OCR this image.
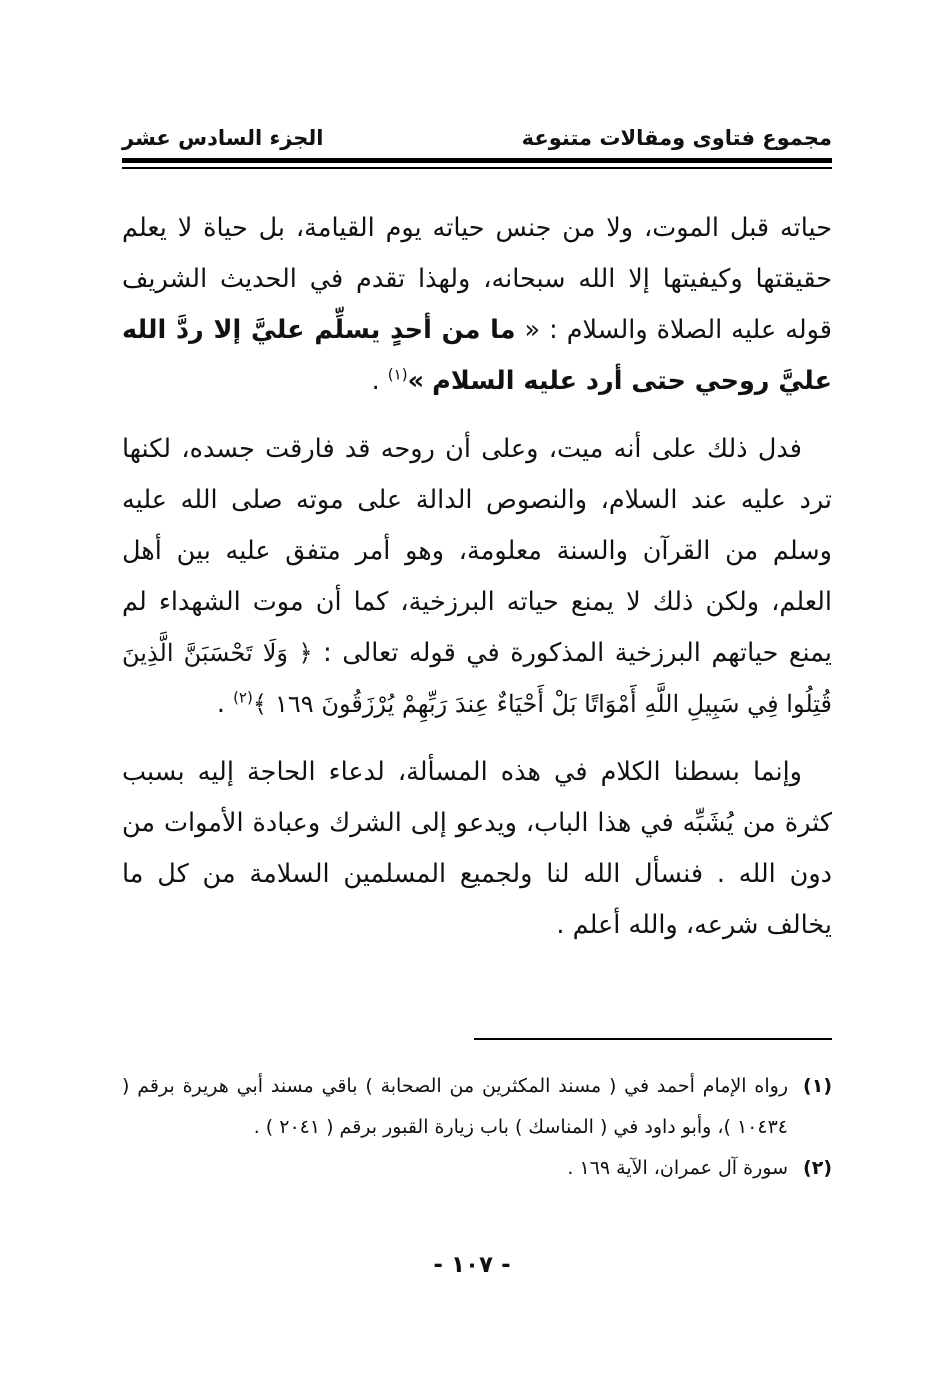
مجموع فتاوى ومقالات متنوعة
الجزء السادس عشر

حياته قبل الموت، ولا من جنس حياته يوم القيامة، بل حياة لا يعلم حقيقتها وكيفيتها إلا الله سبحانه، ولهذا تقدم في الحديث الشريف قوله عليه الصلاة والسلام : « ما من أحدٍ يسلِّم عليَّ إلا ردَّ الله عليَّ روحي حتى أرد عليه السلام »$^{(١)}$ .

فدل ذلك على أنه ميت، وعلى أن روحه قد فارقت جسده، لكنها ترد عليه عند السلام، والنصوص الدالة على موته صلى الله عليه وسلم من القرآن والسنة معلومة، وهو أمر متفق عليه بين أهل العلم، ولكن ذلك لا يمنع حياته البرزخية، كما أن موت الشهداء لم يمنع حياتهم البرزخية المذكورة في قوله تعالى : ﴿ وَلَا تَحْسَبَنَّ الَّذِينَ قُتِلُوا فِي سَبِيلِ اللَّهِ أَمْوَاتًا بَلْ أَحْيَاءٌ عِندَ رَبِّهِمْ يُرْزَقُونَ ١٦٩ ﴾$^{(٢)}$ .

وإنما بسطنا الكلام في هذه المسألة، لدعاء الحاجة إليه بسبب كثرة من يُشَبِّه في هذا الباب، ويدعو إلى الشرك وعبادة الأموات من دون الله . فنسأل الله لنا ولجميع المسلمين السلامة من كل ما يخالف شرعه، والله أعلم .

(١)
رواه الإمام أحمد في ( مسند المكثرين من الصحابة ) باقي مسند أبي هريرة برقم ( ١٠٤٣٤ )، وأبو داود في ( المناسك ) باب زيارة القبور برقم ( ٢٠٤١ ) .
(٢)
سورة آل عمران، الآية ١٦٩ .
- ١٠٧ -
